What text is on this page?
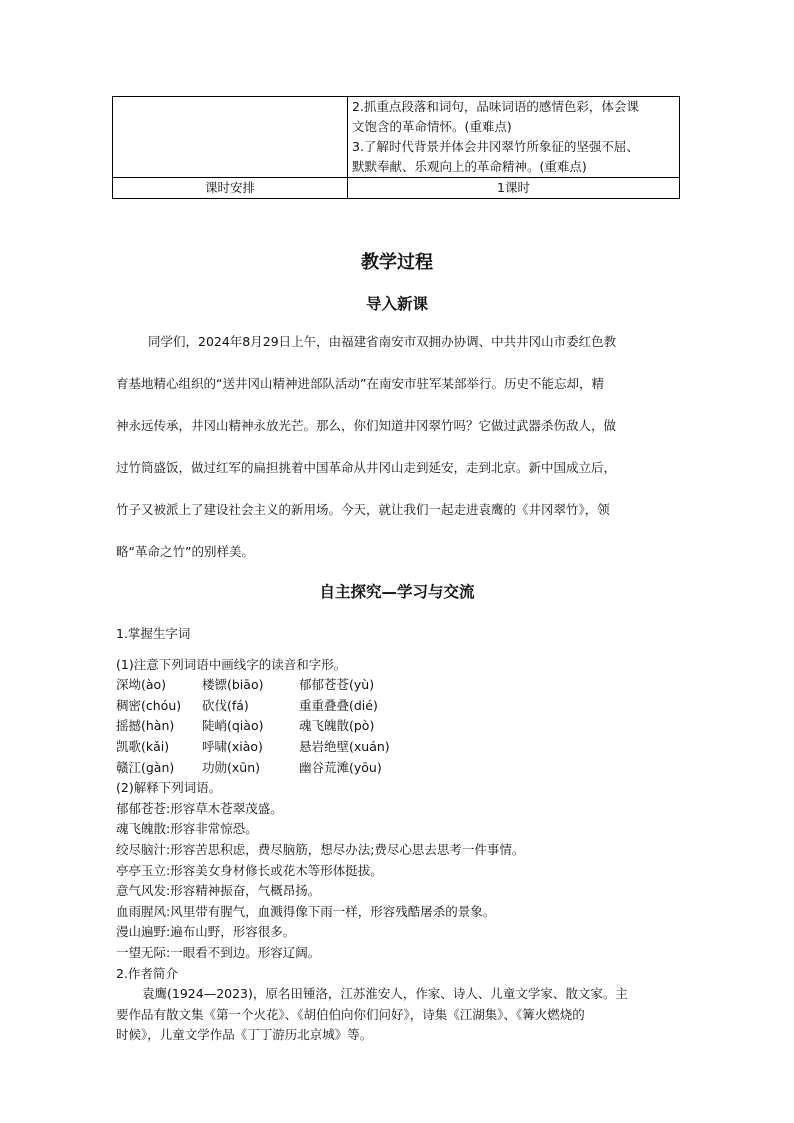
	2.抓重点段落和词句，品味词语的感情色彩，体会课
文饱含的革命情怀。(重难点)
3.了解时代背景并体会井冈翠竹所象征的坚强不屈、
默默奉献、乐观向上的革命精神。(重难点)

课时安排	1课时
教学过程
导入新课
同学们，2024年8月29日上午，由福建省南安市双拥办协调、中共井冈山市委红色教
育基地精心组织的“送井冈山精神进部队活动”在南安市驻军某部举行。历史不能忘却，精
神永远传承，井冈山精神永放光芒。那么，你们知道井冈翠竹吗？它做过武器杀伤敌人，做
过竹筒盛饭，做过红军的扁担挑着中国革命从井冈山走到延安，走到北京。新中国成立后，
竹子又被派上了建设社会主义的新用场。今天，就让我们一起走进袁鹰的《井冈翠竹》，领
略“革命之竹”的别样美。
自主探究—学习与交流
1.掌握生字词
(1)注意下列词语中画线字的读音和字形。
深坳(ào)	楼镖(biāo)	郁郁苍苍(yù)
稠密(chóu)	砍伐(fá)	重重叠叠(dié)
摇撼(hàn)	陡峭(qiào)	魂飞魄散(pò)
凯歌(kǎi)	呼啸(xiào)	悬岩绝壁(xuán)
赣江(gàn)	功勋(xūn)	幽谷荒滩(yōu)
(2)解释下列词语。
郁郁苍苍:形容草木苍翠茂盛。
魂飞魄散:形容非常惊恐。
绞尽脑汁:形容苦思积虑，费尽脑筋，想尽办法;费尽心思去思考一件事情。
亭亭玉立:形容美女身材修长或花木等形体挺拔。
意气风发:形容精神振奋，气概昂扬。
血雨腥风:风里带有腥气，血溅得像下雨一样，形容残酷屠杀的景象。
漫山遍野:遍布山野，形容很多。
一望无际:一眼看不到边。形容辽阔。
2.作者简介
袁鹰(1924—2023)，原名田锺洛，江苏淮安人，作家、诗人、儿童文学家、散文家。主
要作品有散文集《第一个火花》、《胡伯伯向你们问好》，诗集《江湖集》、《篝火燃烧的
时候》，儿童文学作品《丁丁游历北京城》等。
